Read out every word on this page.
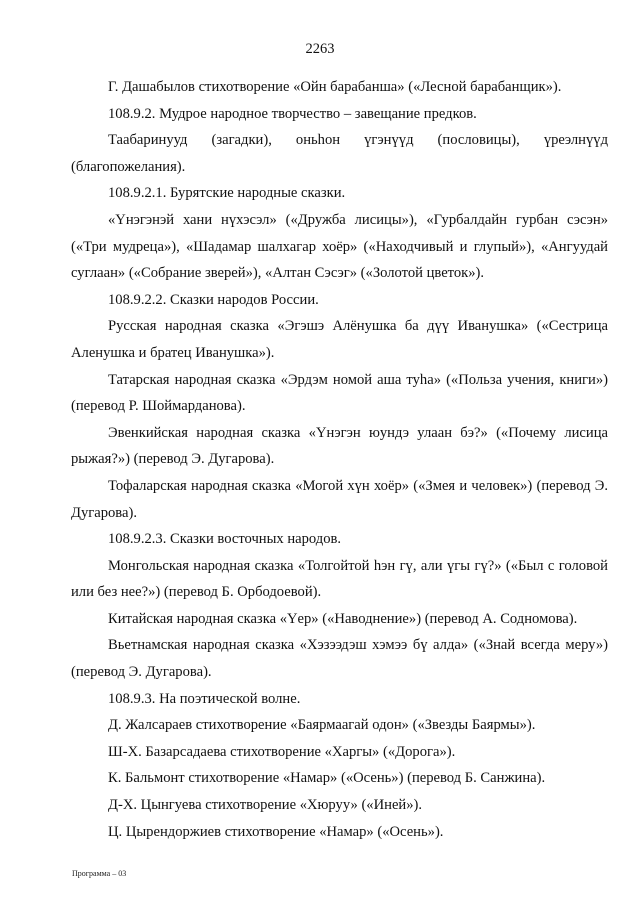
2263

Г. Дашабылов стихотворение «Ойн барабанша» («Лесной барабанщик»).

108.9.2. Мудрое народное творчество – завещание предков.

Таабаринууд (загадки), оньһон үгэнүүд (пословицы), үреэлнүүд (благопожелания).

108.9.2.1. Бурятские народные сказки.

«Үнэгэнэй хани нүхэсэл» («Дружба лисицы»), «Гурбалдайн гурбан сэсэн» («Три мудреца»), «Шадамар шалхагар хоёр» («Находчивый и глупый»), «Ангуудай суглаан» («Собрание зверей»), «Алтан Сэсэг» («Золотой цветок»).

108.9.2.2. Сказки народов России.

Русская народная сказка «Эгэшэ Алёнушка ба дүү Иванушка» («Сестрица Аленушка и братец Иванушка»).

Татарская народная сказка «Эрдэм номой аша туһа» («Польза учения, книги») (перевод Р. Шоймарданова).

Эвенкийская народная сказка «Үнэгэн юундэ улаан бэ?» («Почему лисица рыжая?») (перевод Э. Дугарова).

Тофаларская народная сказка «Могой хүн хоёр» («Змея и человек») (перевод Э. Дугарова).

108.9.2.3. Сказки восточных народов.

Монгольская народная сказка «Толгойтой һэн гү, али үгы гү?» («Был с головой или без нее?») (перевод Б. Орбодоевой).

Китайская народная сказка «Үер» («Наводнение») (перевод А. Содномова).

Вьетнамская народная сказка «Хэзээдэш хэмээ бү алда» («Знай всегда меру») (перевод Э. Дугарова).

108.9.3. На поэтической волне.

Д. Жалсараев стихотворение «Баярмаагай одон» («Звезды Баярмы»).

Ш-Х. Базарсадаева стихотворение «Харгы» («Дорога»).

К. Бальмонт стихотворение «Намар» («Осень») (перевод Б. Санжина).

Д-Х. Цынгуева стихотворение «Хюруу» («Иней»).

Ц. Цырендоржиев стихотворение «Намар» («Осень»).

Программа – 03
